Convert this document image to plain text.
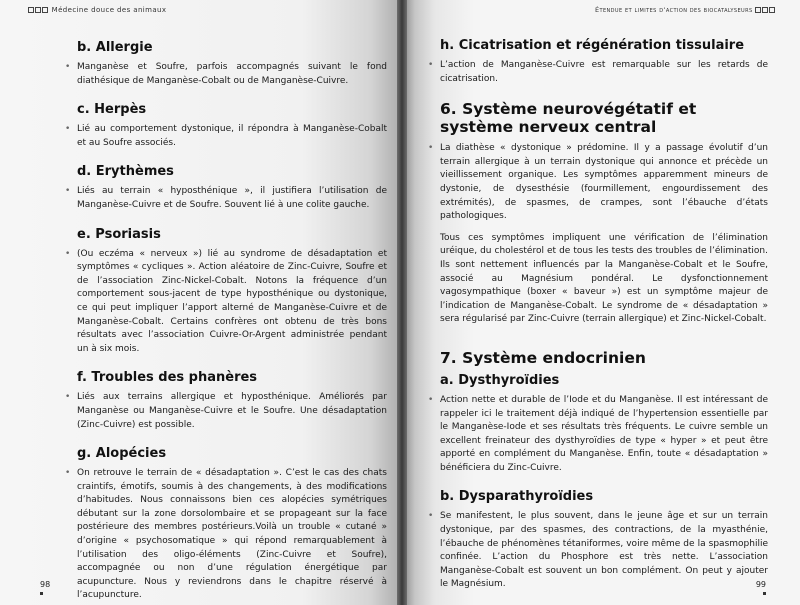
Médecine douce des animaux
b. Allergie
• Manganèse et Soufre, parfois accompagnés suivant le fond diathésique de Manganèse-Cobalt ou de Manganèse-Cuivre.
c. Herpès
• Lié au comportement dystonique, il répondra à Manganèse-Cobalt et au Soufre associés.
d. Erythèmes
• Liés au terrain « hyposthénique », il justifiera l’utilisation de Manganèse-Cuivre et de Soufre. Souvent lié à une colite gauche.
e. Psoriasis
• (Ou eczéma « nerveux ») lié au syndrome de désadaptation et symptômes « cycliques ». Action aléatoire de Zinc-Cuivre, Soufre et de l’association Zinc-Nickel-Cobalt. Notons la fréquence d’un comportement sous-jacent de type hyposthénique ou dystonique, ce qui peut impliquer l’apport alterné de Manganèse-Cuivre et de Manganèse-Cobalt. Certains confrères ont obtenu de très bons résultats avec l’association Cuivre-Or-Argent administrée pendant un à six mois.
f. Troubles des phanères
• Liés aux terrains allergique et hyposthénique. Améliorés par Manganèse ou Manganèse-Cuivre et le Soufre. Une désadaptation (Zinc-Cuivre) est possible.
g. Alopécies
• On retrouve le terrain de « désadaptation ». C’est le cas des chats craintifs, émotifs, soumis à des changements, à des modifications d’habitudes. Nous connaissons bien ces alopécies symétriques débutant sur la zone dorsolombaire et se propageant sur la face postérieure des membres postérieurs.Voilà un trouble « cutané » d’origine « psychosomatique » qui répond remarquablement à l’utilisation des oligo-éléments (Zinc-Cuivre et Soufre), accompagnée ou non d’une régulation énergétique par acupuncture. Nous y reviendrons dans le chapitre réservé à l’acupuncture.
98
Étendue et limites d’action des biocatalyseurs
h. Cicatrisation et régénération tissulaire
• L’action de Manganèse-Cuivre est remarquable sur les retards de cicatrisation.
6. Système neurovégétatif et système nerveux central
• La diathèse « dystonique » prédomine. Il y a passage évolutif d’un terrain allergique à un terrain dystonique qui annonce et précède un vieillissement organique. Les symptômes apparemment mineurs de dystonie, de dysesthésie (fourmillement, engourdissement des extrémités), de spasmes, de crampes, sont l’ébauche d’états pathologiques.
Tous ces symptômes impliquent une vérification de l’élimination uréique, du cholestérol et de tous les tests des troubles de l’élimination. Ils sont nettement influencés par la Manganèse-Cobalt et le Soufre, associé au Magnésium pondéral. Le dysfonctionnement vagosympathique (boxer « baveur ») est un symptôme majeur de l’indication de Manganèse-Cobalt. Le syndrome de « désadaptation » sera régularisé par Zinc-Cuivre (terrain allergique) et Zinc-Nickel-Cobalt.
7. Système endocrinien
a. Dysthyroïdies
• Action nette et durable de l’Iode et du Manganèse. Il est intéressant de rappeler ici le traitement déjà indiqué de l’hypertension essentielle par le Manganèse-Iode et ses résultats très fréquents. Le cuivre semble un excellent freinateur des dysthyroïdies de type « hyper » et peut être apporté en complément du Manganèse. Enfin, toute « désadaptation » bénéficiera du Zinc-Cuivre.
b. Dysparathyroïdies
• Se manifestent, le plus souvent, dans le jeune âge et sur un terrain dystonique, par des spasmes, des contractions, de la myasthénie, l’ébauche de phénomènes tétaniformes, voire même de la spasmophilie confinée. L’action du Phosphore est très nette. L’association Manganèse-Cobalt est souvent un bon complément. On peut y ajouter le Magnésium.	99
